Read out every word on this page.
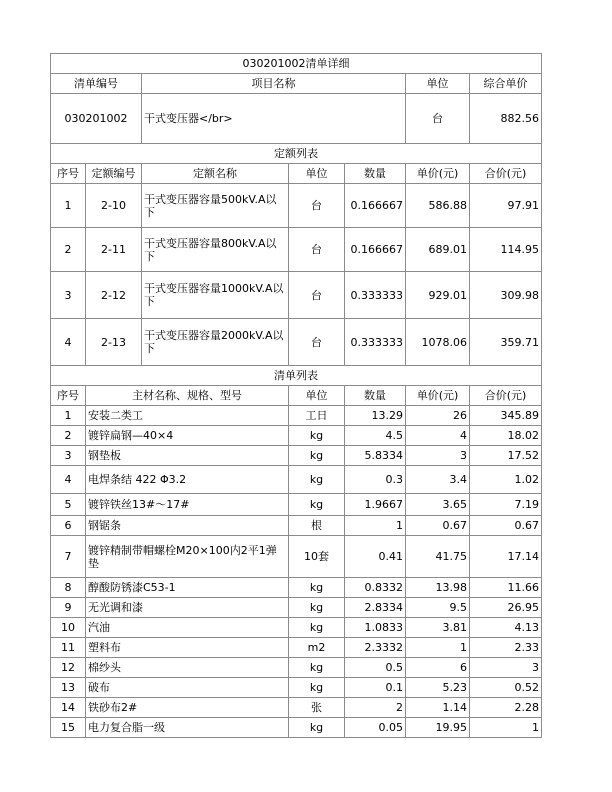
030201002清单详细						
清单编号		项目名称			单位	综合单价
030201002		干式变压器</br>			台	882.56
定额列表						
序号	定额编号	定额名称	单位	数量	单价(元)	合价(元)
1	2-10	干式变压器容量500kV.A以下	台	0.166667	586.88	97.91
2	2-11	干式变压器容量800kV.A以下	台	0.166667	689.01	114.95
3	2-12	干式变压器容量1000kV.A以下	台	0.333333	929.01	309.98
4	2-13	干式变压器容量2000kV.A以下	台	0.333333	1078.06	359.71
清单列表						
序号	主材名称、规格、型号		单位	数量	单价(元)	合价(元)
1	安装二类工		工日	13.29	26	345.89
2	镀锌扁钢—40×4		kg	4.5	4	18.02
3	钢垫板		kg	5.8334	3	17.52
4	电焊条结 422 Φ3.2		kg	0.3	3.4	1.02
5	镀锌铁丝13#～17#		kg	1.9667	3.65	7.19
6	钢锯条		根	1	0.67	0.67
7	镀锌精制带帽螺栓M20×100内2平1弹垫		10套	0.41	41.75	17.14
8	醇酸防锈漆C53-1		kg	0.8332	13.98	11.66
9	无光调和漆		kg	2.8334	9.5	26.95
10	汽油		kg	1.0833	3.81	4.13
11	塑料布		m2	2.3332	1	2.33
12	棉纱头		kg	0.5	6	3
13	破布		kg	0.1	5.23	0.52
14	铁砂布2#		张	2	1.14	2.28
15	电力复合脂一级		kg	0.05	19.95	1
